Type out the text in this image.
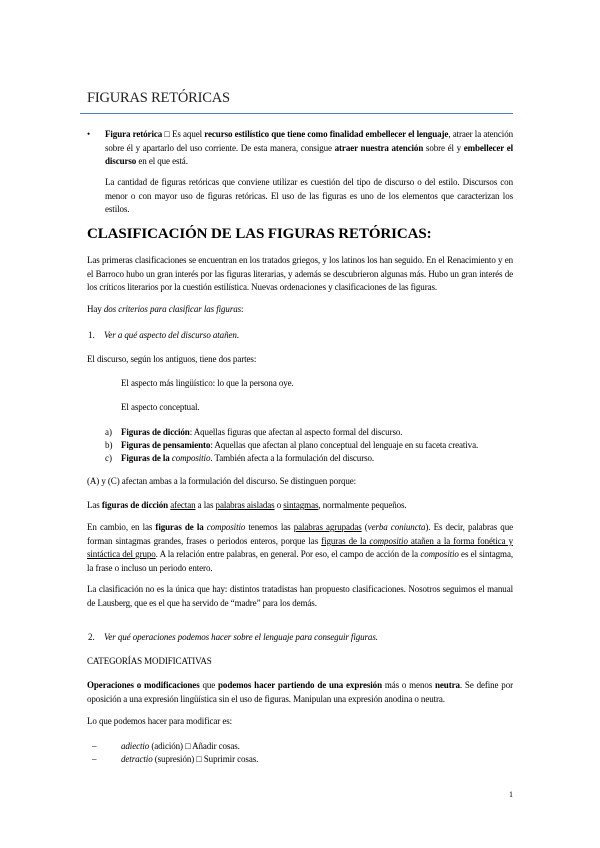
FIGURAS RETÓRICAS
• Figura retórica □ Es aquel recurso estilístico que tiene como finalidad embellecer el lenguaje, atraer la atención sobre él y apartarlo del uso corriente. De esta manera, consigue atraer nuestra atención sobre él y embellecer el discurso en el que está.
La cantidad de figuras retóricas que conviene utilizar es cuestión del tipo de discurso o del estilo. Discursos con menor o con mayor uso de figuras retóricas. El uso de las figuras es uno de los elementos que caracterizan los estilos.
CLASIFICACIÓN DE LAS FIGURAS RETÓRICAS:
Las primeras clasificaciones se encuentran en los tratados griegos, y los latinos los han seguido. En el Renacimiento y en el Barroco hubo un gran interés por las figuras literarias, y además se descubrieron algunas más. Hubo un gran interés de los críticos literarios por la cuestión estilística. Nuevas ordenaciones y clasificaciones de las figuras.
Hay dos criterios para clasificar las figuras:
1. Ver a qué aspecto del discurso atañen.
El discurso, según los antiguos, tiene dos partes:
El aspecto más lingüístico: lo que la persona oye.
El aspecto conceptual.
a) Figuras de dicción: Aquellas figuras que afectan al aspecto formal del discurso.
b) Figuras de pensamiento: Aquellas que afectan al plano conceptual del lenguaje en su faceta creativa.
c) Figuras de la compositio. También afecta a la formulación del discurso.
(A) y (C) afectan ambas a la formulación del discurso. Se distinguen porque:
Las figuras de dicción afectan a las palabras aisladas o sintagmas, normalmente pequeños.
En cambio, en las figuras de la compositio tenemos las palabras agrupadas (verba coniuncta). Es decir, palabras que forman sintagmas grandes, frases o periodos enteros, porque las figuras de la compositio atañen a la forma fonética y sintáctica del grupo. A la relación entre palabras, en general. Por eso, el campo de acción de la compositio es el sintagma, la frase o incluso un periodo entero.
La clasificación no es la única que hay: distintos tratadistas han propuesto clasificaciones. Nosotros seguimos el manual de Lausberg, que es el que ha servido de “madre” para los demás.
2. Ver qué operaciones podemos hacer sobre el lenguaje para conseguir figuras.
CATEGORÍAS MODIFICATIVAS
Operaciones o modificaciones que podemos hacer partiendo de una expresión más o menos neutra. Se define por oposición a una expresión lingüística sin el uso de figuras. Manipulan una expresión anodina o neutra.
Lo que podemos hacer para modificar es:
–	adiectio (adición) □ Añadir cosas.
–	detractio (supresión) □ Suprimir cosas.
1
